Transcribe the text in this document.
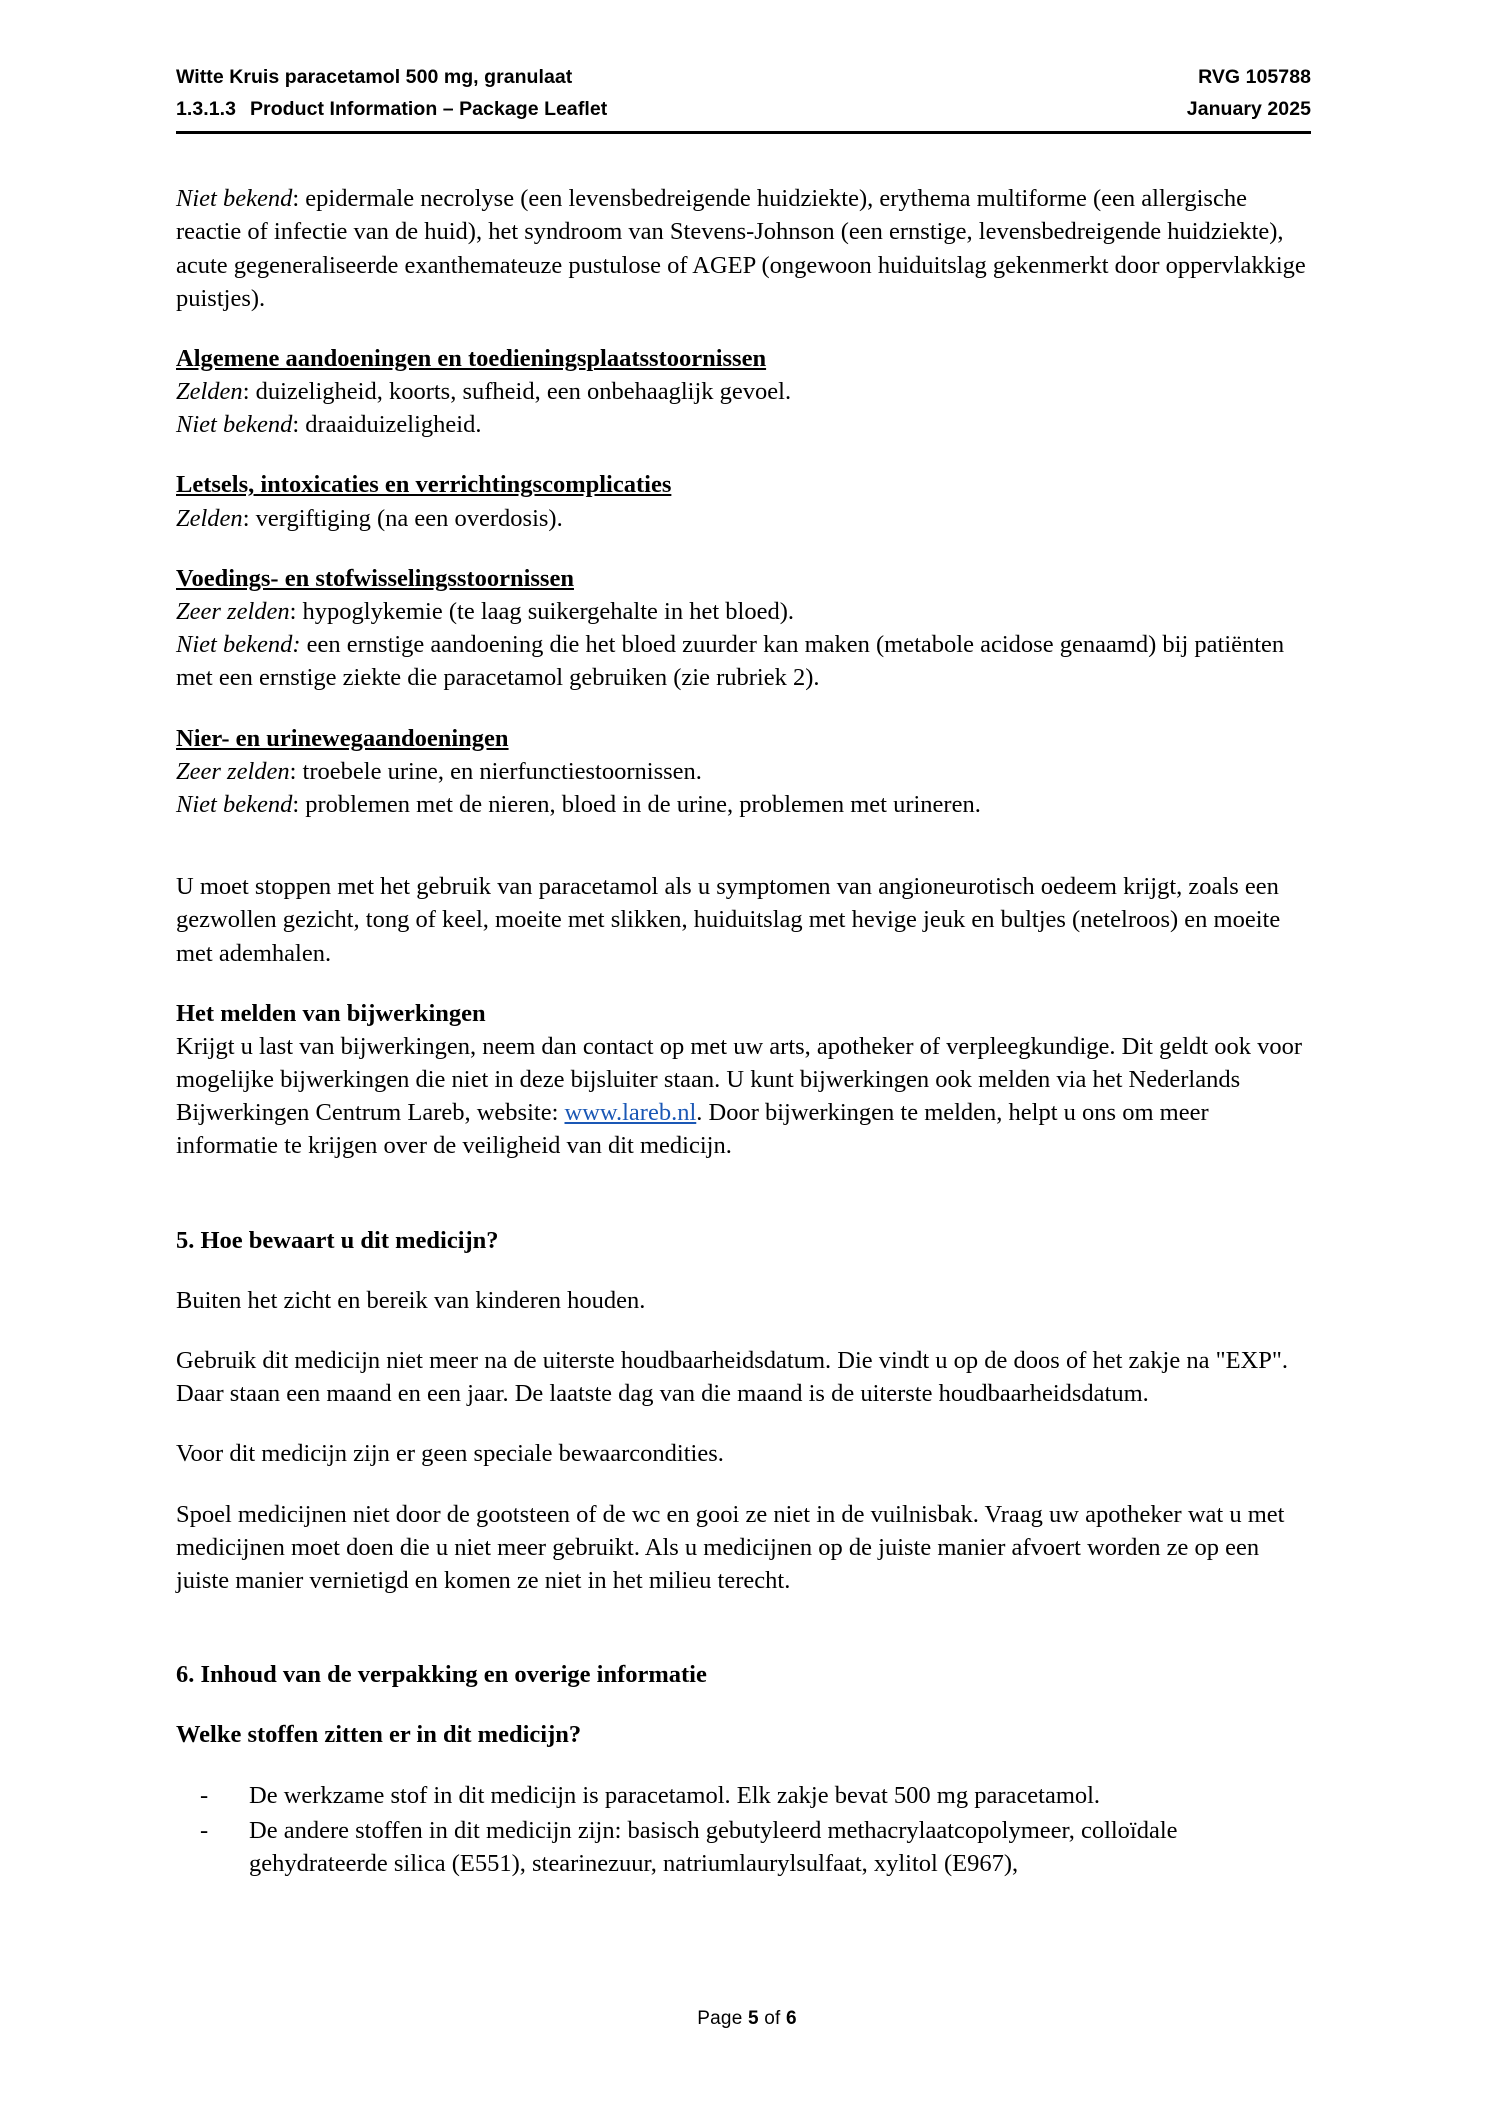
Witte Kruis paracetamol 500 mg, granulaat	RVG 105788
1.3.1.3 Product Information – Package Leaflet	January 2025

Niet bekend: epidermale necrolyse (een levensbedreigende huidziekte), erythema multiforme (een allergische reactie of infectie van de huid), het syndroom van Stevens-Johnson (een ernstige, levensbedreigende huidziekte), acute gegeneraliseerde exanthemateuze pustulose of AGEP (ongewoon huiduitslag gekenmerkt door oppervlakkige puistjes).

Algemene aandoeningen en toedieningsplaatsstoornissen

Zelden: duizeligheid, koorts, sufheid, een onbehaaglijk gevoel.

Niet bekend: draaiduizeligheid.

Letsels, intoxicaties en verrichtingscomplicaties

Zelden: vergiftiging (na een overdosis).

Voedings- en stofwisselingsstoornissen

Zeer zelden: hypoglykemie (te laag suikergehalte in het bloed).

Niet bekend: een ernstige aandoening die het bloed zuurder kan maken (metabole acidose genaamd) bij patiënten met een ernstige ziekte die paracetamol gebruiken (zie rubriek 2).

Nier- en urinewegaandoeningen

Zeer zelden: troebele urine, en nierfunctiestoornissen.

Niet bekend: problemen met de nieren, bloed in de urine, problemen met urineren.

U moet stoppen met het gebruik van paracetamol als u symptomen van angioneurotisch oedeem krijgt, zoals een gezwollen gezicht, tong of keel, moeite met slikken, huiduitslag met hevige jeuk en bultjes (netelroos) en moeite met ademhalen.

Het melden van bijwerkingen

Krijgt u last van bijwerkingen, neem dan contact op met uw arts, apotheker of verpleegkundige. Dit geldt ook voor mogelijke bijwerkingen die niet in deze bijsluiter staan. U kunt bijwerkingen ook melden via het Nederlands Bijwerkingen Centrum Lareb, website: www.lareb.nl. Door bijwerkingen te melden, helpt u ons om meer informatie te krijgen over de veiligheid van dit medicijn.

5. Hoe bewaart u dit medicijn?

Buiten het zicht en bereik van kinderen houden.

Gebruik dit medicijn niet meer na de uiterste houdbaarheidsdatum. Die vindt u op de doos of het zakje na "EXP". Daar staan een maand en een jaar. De laatste dag van die maand is de uiterste houdbaarheidsdatum.

Voor dit medicijn zijn er geen speciale bewaarcondities.

Spoel medicijnen niet door de gootsteen of de wc en gooi ze niet in de vuilnisbak. Vraag uw apotheker wat u met medicijnen moet doen die u niet meer gebruikt. Als u medicijnen op de juiste manier afvoert worden ze op een juiste manier vernietigd en komen ze niet in het milieu terecht.

6. Inhoud van de verpakking en overige informatie

Welke stoffen zitten er in dit medicijn?

- De werkzame stof in dit medicijn is paracetamol. Elk zakje bevat 500 mg paracetamol.
- De andere stoffen in dit medicijn zijn: basisch gebutyleerd methacrylaatcopolymeer, colloïdale gehydrateerde silica (E551), stearinezuur, natriumlaurylsulfaat, xylitol (E967),
Page 5 of 6
